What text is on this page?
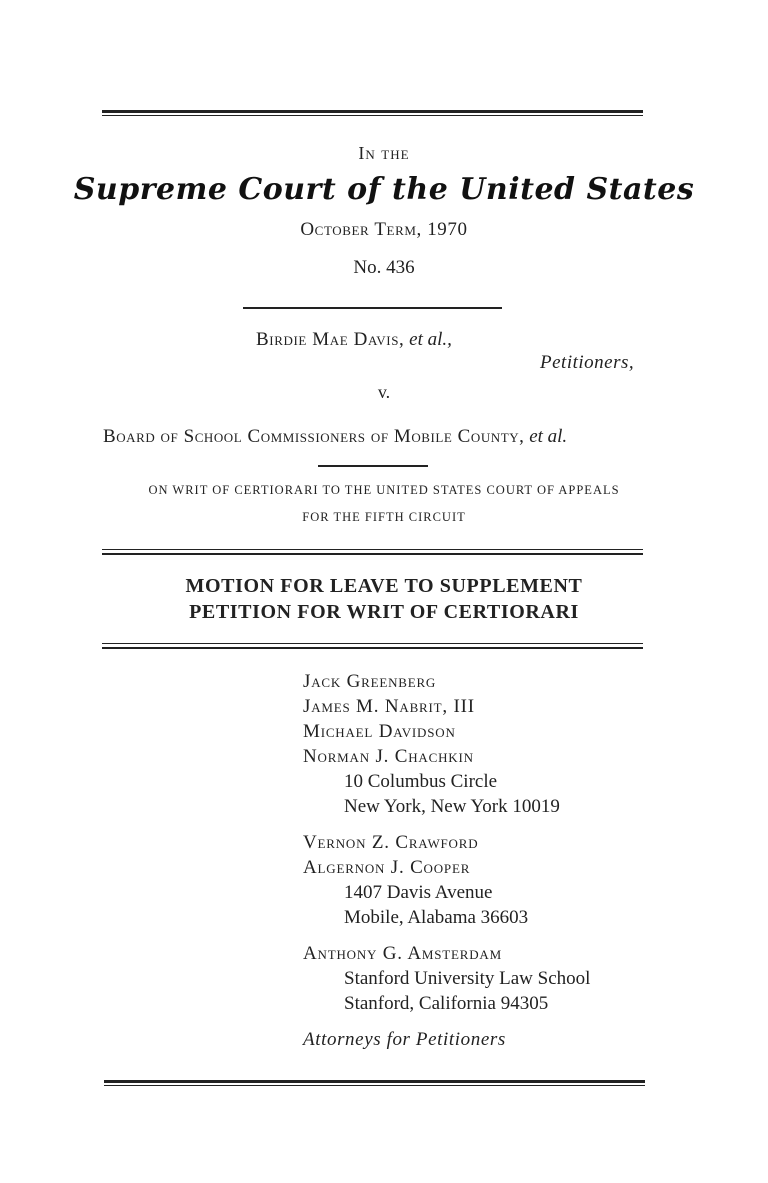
In the
Supreme Court of the United States
October Term, 1970
No. 436
Birdie Mae Davis, et al.,
Petitioners,
v.
Board of School Commissioners of Mobile County, et al.
ON WRIT OF CERTIORARI TO THE UNITED STATES COURT OF APPEALS
FOR THE FIFTH CIRCUIT
MOTION FOR LEAVE TO SUPPLEMENT
PETITION FOR WRIT OF CERTIORARI
Jack Greenberg
James M. Nabrit, III
Michael Davidson
Norman J. Chachkin
10 Columbus Circle
New York, New York 10019
Vernon Z. Crawford
Algernon J. Cooper
1407 Davis Avenue
Mobile, Alabama 36603
Anthony G. Amsterdam
Stanford University Law School
Stanford, California 94305
Attorneys for Petitioners
